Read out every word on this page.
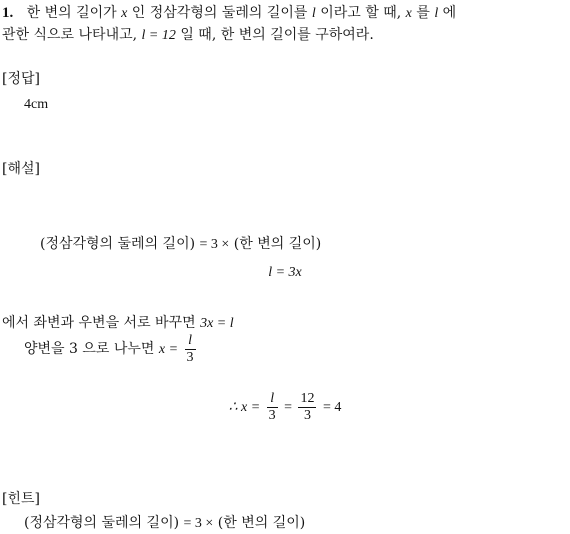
1. 한 변의 길이가 x 인 정삼각형의 둘레의 길이를 l 이라고 할 때, x 를 l 에
관한 식으로 나타내고, l = 12 일 때, 한 변의 길이를 구하여라.
[정답]
4cm
[해설]
(정삼각형의 둘레의 길이) = 3 × (한 변의 길이)
l = 3x
에서 좌변과 우변을 서로 바꾸면 3x = l
양변을 3 으로 나누면 $x = \frac{l}{3}$
∴ $x = \frac{l}{3} = \frac{12}{3} = 4$
[힌트]
(정삼각형의 둘레의 길이) = 3 × (한 변의 길이)
